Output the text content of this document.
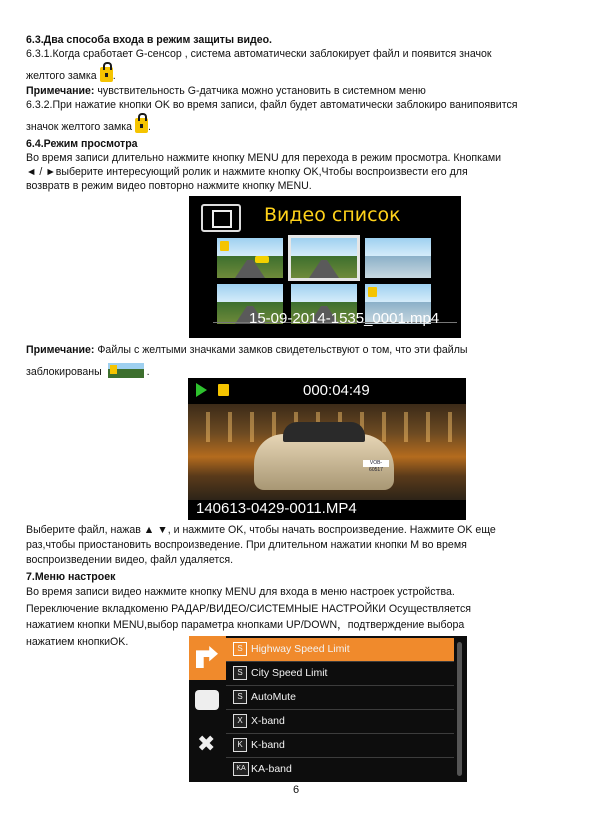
6.3.Два способа входа в режим защиты видео.
6.3.1.Когда сработает G-сенсор , система автоматически заблокирует файл и появится значок
желтого замка .
Примечание: чувствительность G-датчика можно установить в системном меню
6.3.2.При нажатие кнопки OK во время записи, файл будет автоматически заблокиро ванипоявится
значок желтого замка .
6.4.Режим просмотра
Во время записи длительно нажмите кнопку MENU для перехода в режим просмотра. Кнопками
◄ / ►выберите интересующий ролик и нажмите кнопку OK,Чтобы воспроизвести его для
возвратв в режим видео повторно нажмите кнопку MENU.
Видео список
15-09-2014-1535_0001.mp4
Примечание: Файлы с желтыми значками замков свидетельствуют о том, что эти файлы
заблокированы	.
VOB-60517
000:04:49
140613-0429-0011.MP4
Выберите файл, нажав ▲ ▼, и нажмите OK, чтобы начать воспроизведение. Нажмите OK еще
раз,чтобы приостановить воспроизведение. При длительном нажатии кнопки M во время
воспроизведении видео, файл удаляется.
7.Меню настроек
Во время записи видео нажмите кнопку MENU для входа в меню настроек устройства.
Переключение вкладкоменю РАДАР/ВИДЕО/СИСТЕМНЫЕ НАСТРОЙКИ Осуществляется
нажатием кнопки MENU,выбор параметра кнопками UP/DOWN，подтверждение выбора
нажатием кнопкиOK.
✖
S Highway Speed Limit
S City Speed Limit
S AutoMute
X X-band
K K-band
KA KA-band
6
